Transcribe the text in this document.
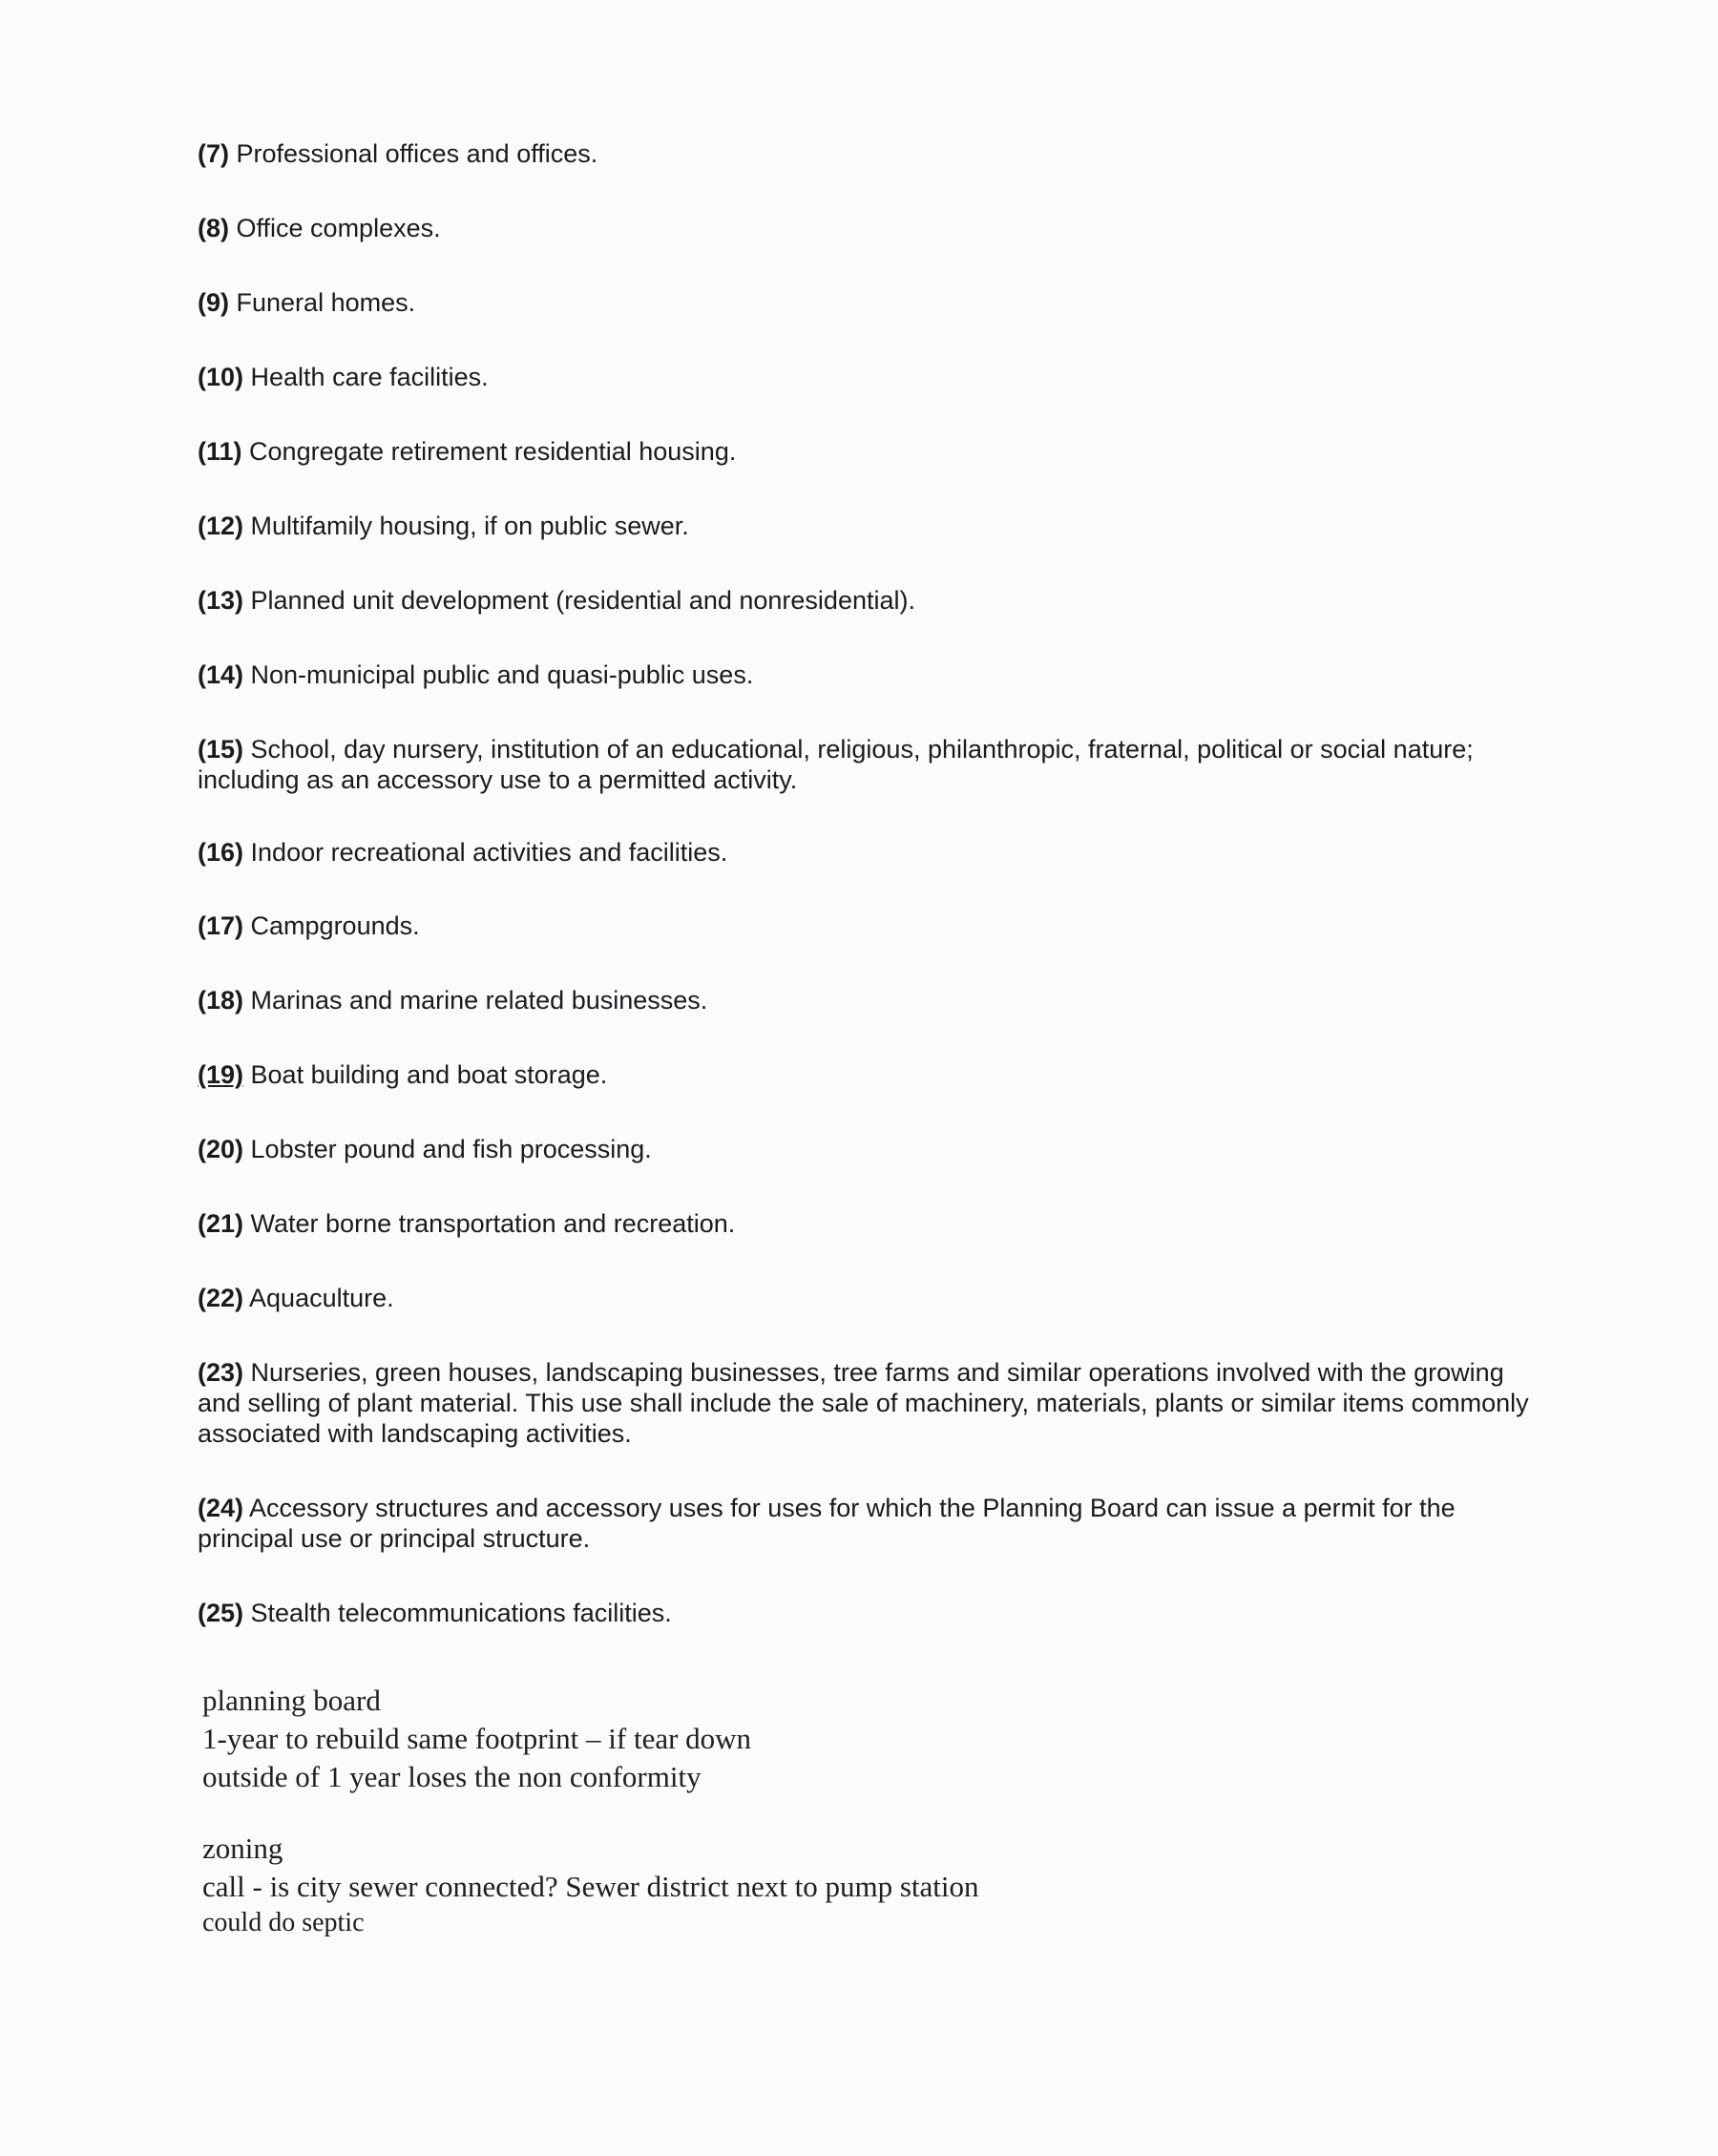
(7) Professional offices and offices.

(8) Office complexes.

(9) Funeral homes.

(10) Health care facilities.

(11) Congregate retirement residential housing.

(12) Multifamily housing, if on public sewer.

(13) Planned unit development (residential and nonresidential).

(14) Non-municipal public and quasi-public uses.

(15) School, day nursery, institution of an educational, religious, philanthropic, fraternal, political or social nature; including as an accessory use to a permitted activity.

(16) Indoor recreational activities and facilities.

(17) Campgrounds.

(18) Marinas and marine related businesses.

(19) Boat building and boat storage.

(20) Lobster pound and fish processing.

(21) Water borne transportation and recreation.

(22) Aquaculture.

(23) Nurseries, green houses, landscaping businesses, tree farms and similar operations involved with the growing and selling of plant material. This use shall include the sale of machinery, materials, plants or similar items commonly associated with landscaping activities.

(24) Accessory structures and accessory uses for uses for which the Planning Board can issue a permit for the principal use or principal structure.

(25) Stealth telecommunications facilities.

planning board

1-year to rebuild same footprint – if tear down

outside of 1 year loses the non conformity

zoning

call - is city sewer connected? Sewer district next to pump station

could do septic
